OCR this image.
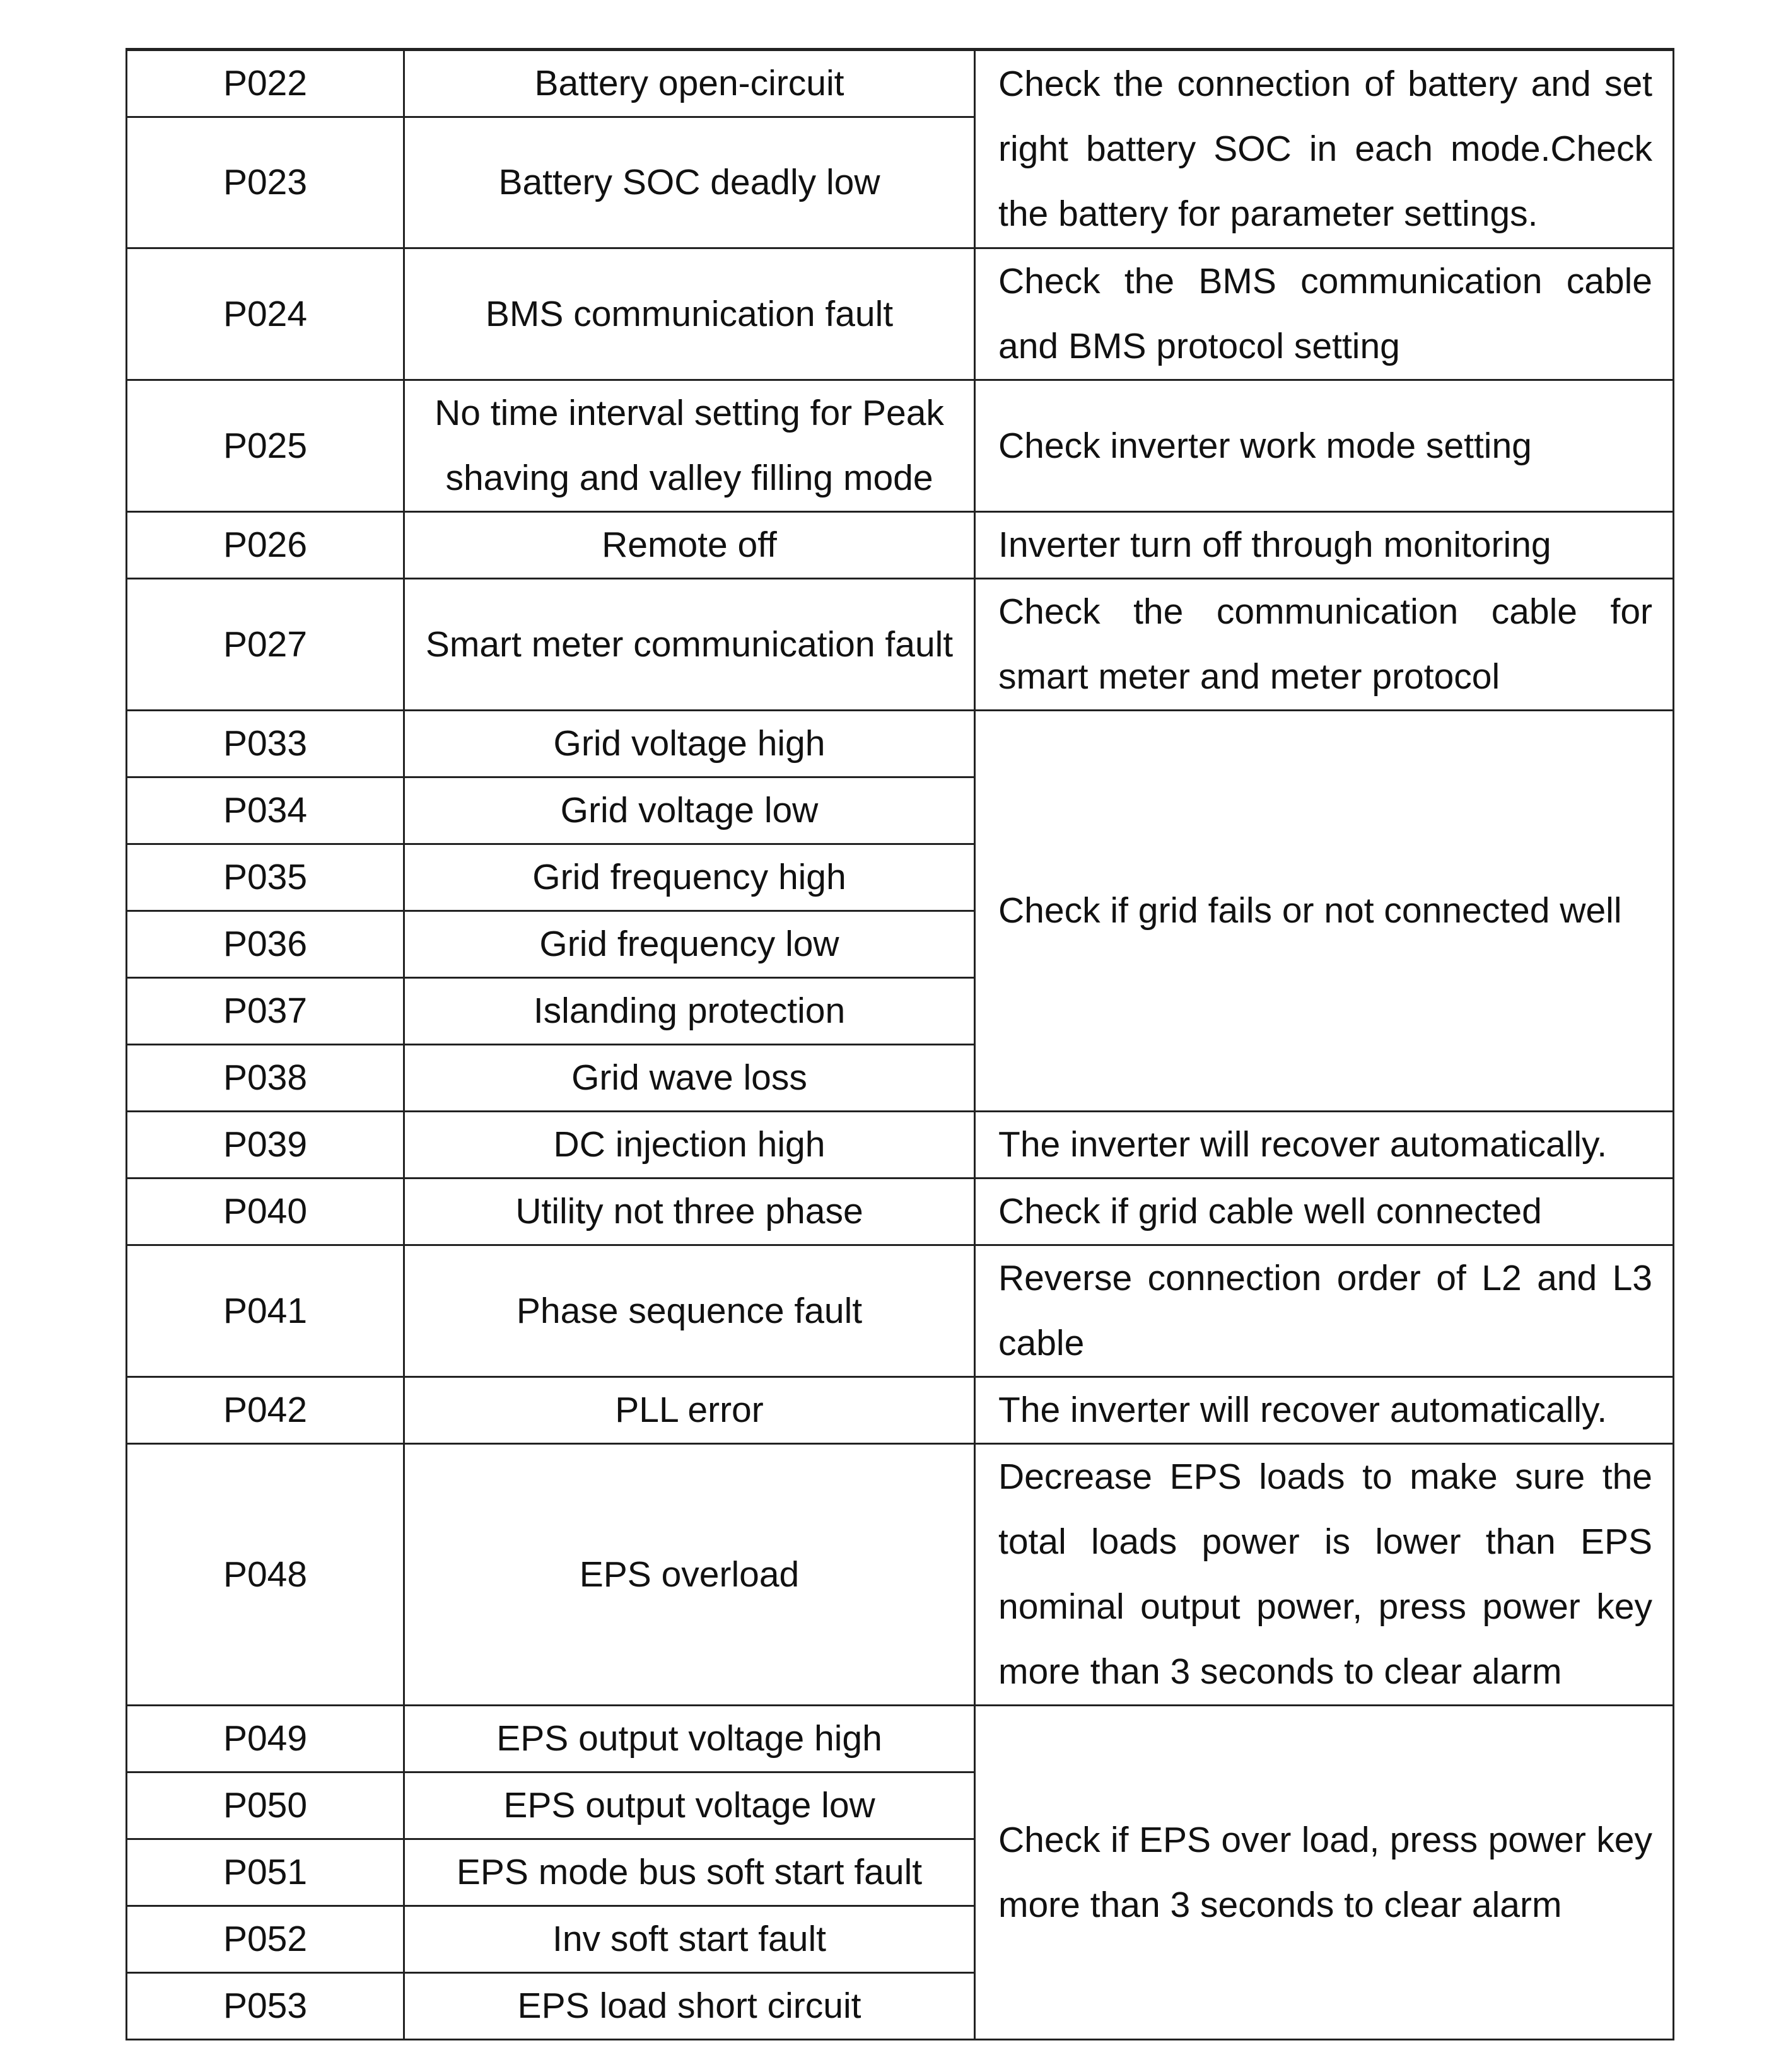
P022	Battery open-circuit	Check the connection of battery and set right battery SOC in each mode.Check the battery for parameter settings.
P023	Battery SOC deadly low	
P024	BMS communication fault	Check the BMS communication cable and BMS protocol setting
P025	No time interval setting for Peak shaving and valley filling mode	Check inverter work mode setting
P026	Remote off	Inverter turn off through monitoring
P027	Smart meter communication fault	Check the communication cable for smart meter and meter protocol
P033	Grid voltage high	Check if grid fails or not connected well
P034	Grid voltage low	
P035	Grid frequency high	
P036	Grid frequency low	
P037	Islanding protection	
P038	Grid wave loss	
P039	DC injection high	The inverter will recover automatically.
P040	Utility not three phase	Check if grid cable well connected
P041	Phase sequence fault	Reverse connection order of L2 and L3 cable
P042	PLL error	The inverter will recover automatically.
P048	EPS overload	Decrease EPS loads to make sure the total loads power is lower than EPS nominal output power, press power key more than 3 seconds to clear alarm
P049	EPS output voltage high	Check if EPS over load, press power key more than 3 seconds to clear alarm
P050	EPS output voltage low	
P051	EPS mode bus soft start fault	
P052	Inv soft start fault	
P053	EPS load short circuit	
